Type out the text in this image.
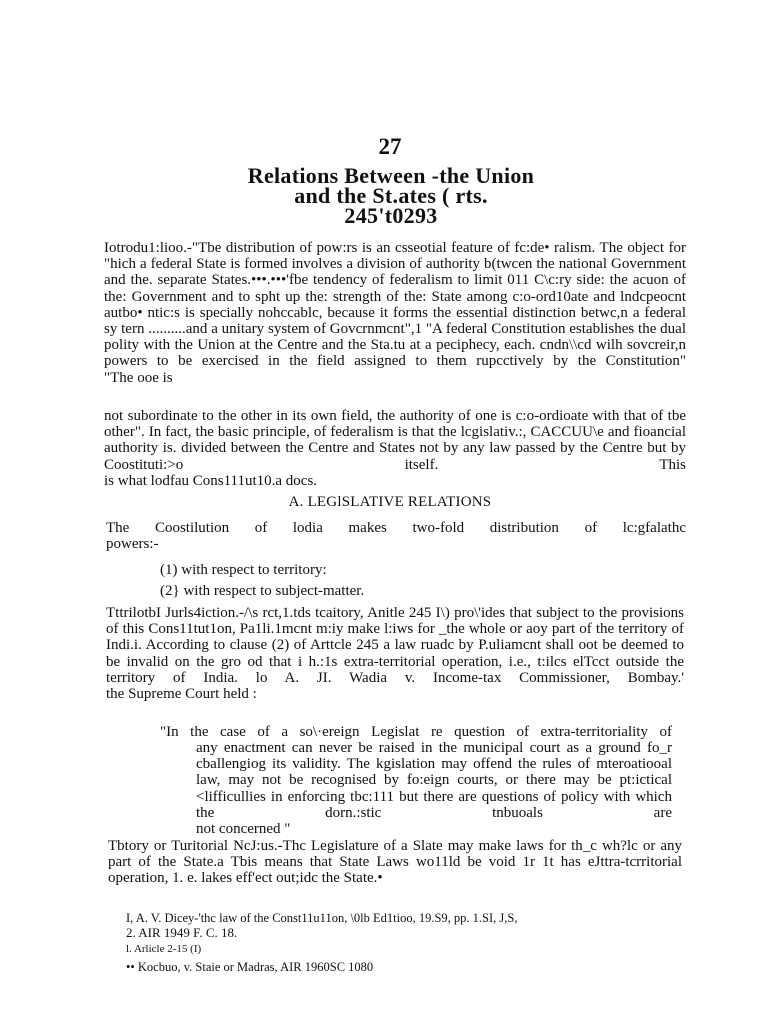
27
Relations Between -the Union
and the St.ates ( rts.
245't0293
Iotrodu1:lioo.-"Tbe distribution of pow:rs is an csseotial feature of fc:de• ralism. The object for "hich a federal State is formed involves a division of authority b(twcen the national Government and the. separate States.•••.•••'fbe tendency of federalism to limit 011 C\c:ry side: the acuon of the: Government and to spht up the: strength of the: State among c:o-ord10ate and lndcpeocnt autbo• ntic:s is specially nohccablc, because it forms the essential distinction betwc,n a federal sy tern ..........and a unitary system of Govcrnmcnt",1 "A federal Constitution establishes the dual polity with the Union at the Centre and the Sta.tu at a peciphecy, each. cndn\\cd wilh sovcreir,n powers to be exercised in the field assigned to them rupcctively by the Constitution"
"The ooe is
not subordinate to the other in its own field, the authority of one is c:o-ordioate with that of tbe other". In fact, the basic principle, of federalism is that the lcgislativ.:, CACCUU\e and fioancial authority is. divided between the Centre and States not by any law passed by the Centre but by Coostituti:>o itself. This
is what lodfau Cons111ut10.a docs.
A. LEGlSLATIVE RELATIONS
The Coostilution of lodia makes two-fold distribution of lc:gfalathc
powers:-
(1) with respect to territory:
(2} with respect to subject-matter.
TttrilotbI Jurls4iction.-/\s rct,1.tds tcaitory, Anitle 245 I\) pro\'ides that subject to the provisions of this Cons11tut1on, Pa1li.1mcnt m:iy make l:iws for _the whole or aoy part of the territory of Indi.i. According to clause (2) of Arttcle 245 a law ruadc by P.uliamcnt shall oot be deemed to be invalid on the gro od that i h.:1s extra-territorial operation, i.e., t:ilcs elTcct outside the territory of India. lo A. JI. Wadia v. Income-tax Commissioner, Bombay.'
the Supreme Court held :
"In the case of a so\·ereign Legislat re question of extra-territoriality of
any enactment can never be raised in the municipal court as a ground fo_r cballengiog its validity. The kgislation may offend the rules of mteroatiooal law, may not be recognised by fo:eign courts, or there may be pt:ictical <lifficullies in enforcing tbc:111 but there are questions of policy with which the dorn.:stic tnbuoals are
not concerned "
Tbtory or Turitorial NcJ:us.-Thc Legislature of a Slate may make laws for th_c wh?lc or any part of the State.a Tbis means that State Laws wo11ld be void 1r 1t has eJttra-tcrritorial operation, 1. e. lakes eff'ect out;idc the State.•
I, A. V. Dicey-'thc law of the Const11u11on, \0lb Ed1tioo, 19.S9, pp. 1.SI, J,S,
2. AIR 1949 F. C. 18.
l. Arlicle 2-15 (I)
•• Kocbuo, v. Staie or Madras, AIR 1960SC 1080
